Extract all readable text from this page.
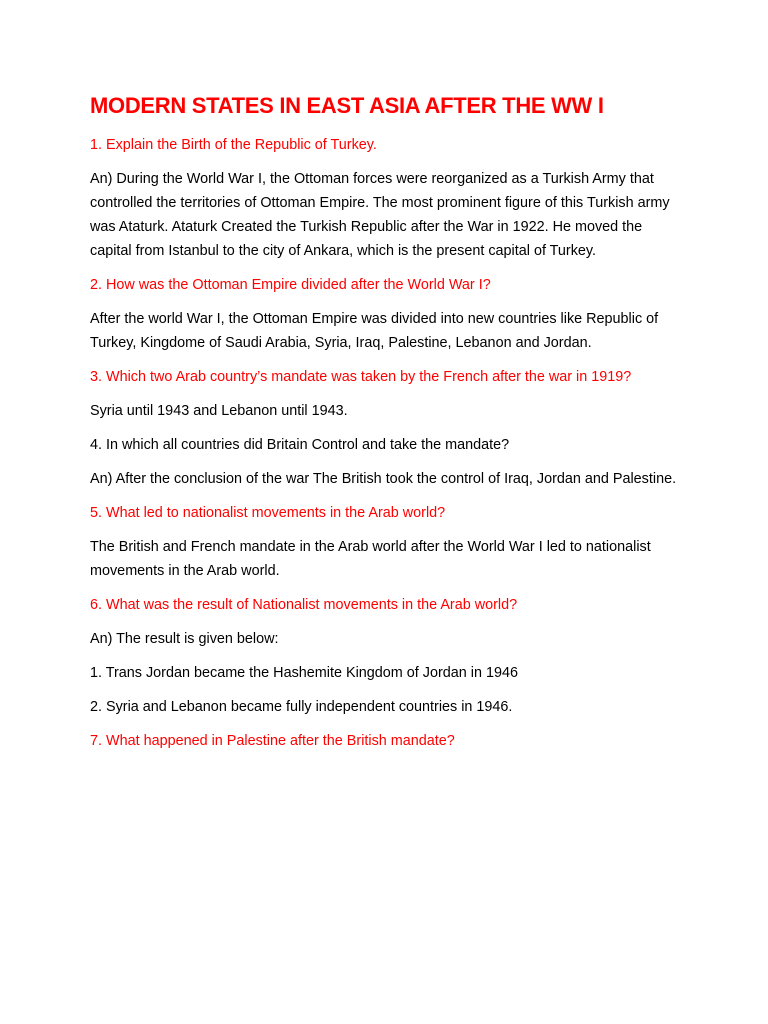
MODERN STATES IN EAST ASIA AFTER THE WW I
1. Explain the Birth of the Republic of Turkey.
An) During the World War I, the Ottoman forces were reorganized as a Turkish Army that controlled the territories of Ottoman Empire. The most prominent figure of this Turkish army was Ataturk. Ataturk Created the Turkish Republic after the War in 1922. He moved the capital from Istanbul to the city of Ankara, which is the present capital of Turkey.
2. How was the Ottoman Empire divided after the World War I?
After the world War I, the Ottoman Empire was divided into new countries like Republic of Turkey, Kingdome of Saudi Arabia, Syria, Iraq, Palestine, Lebanon and Jordan.
3. Which two Arab country’s mandate was taken by the French after the war in 1919?
Syria until 1943 and Lebanon until 1943.
4. In which all countries did Britain Control and take the mandate?
An) After the conclusion of the war The British took the control of Iraq, Jordan and Palestine.
5. What led to nationalist movements in the Arab world?
The British and French mandate in the Arab world after the World War I led to nationalist movements in the Arab world.
6. What was the result of Nationalist movements in the Arab world?
An) The result is given below:
1. Trans Jordan became the Hashemite Kingdom of Jordan in 1946
2. Syria and Lebanon became fully independent countries in 1946.
7. What happened in Palestine after the British mandate?
